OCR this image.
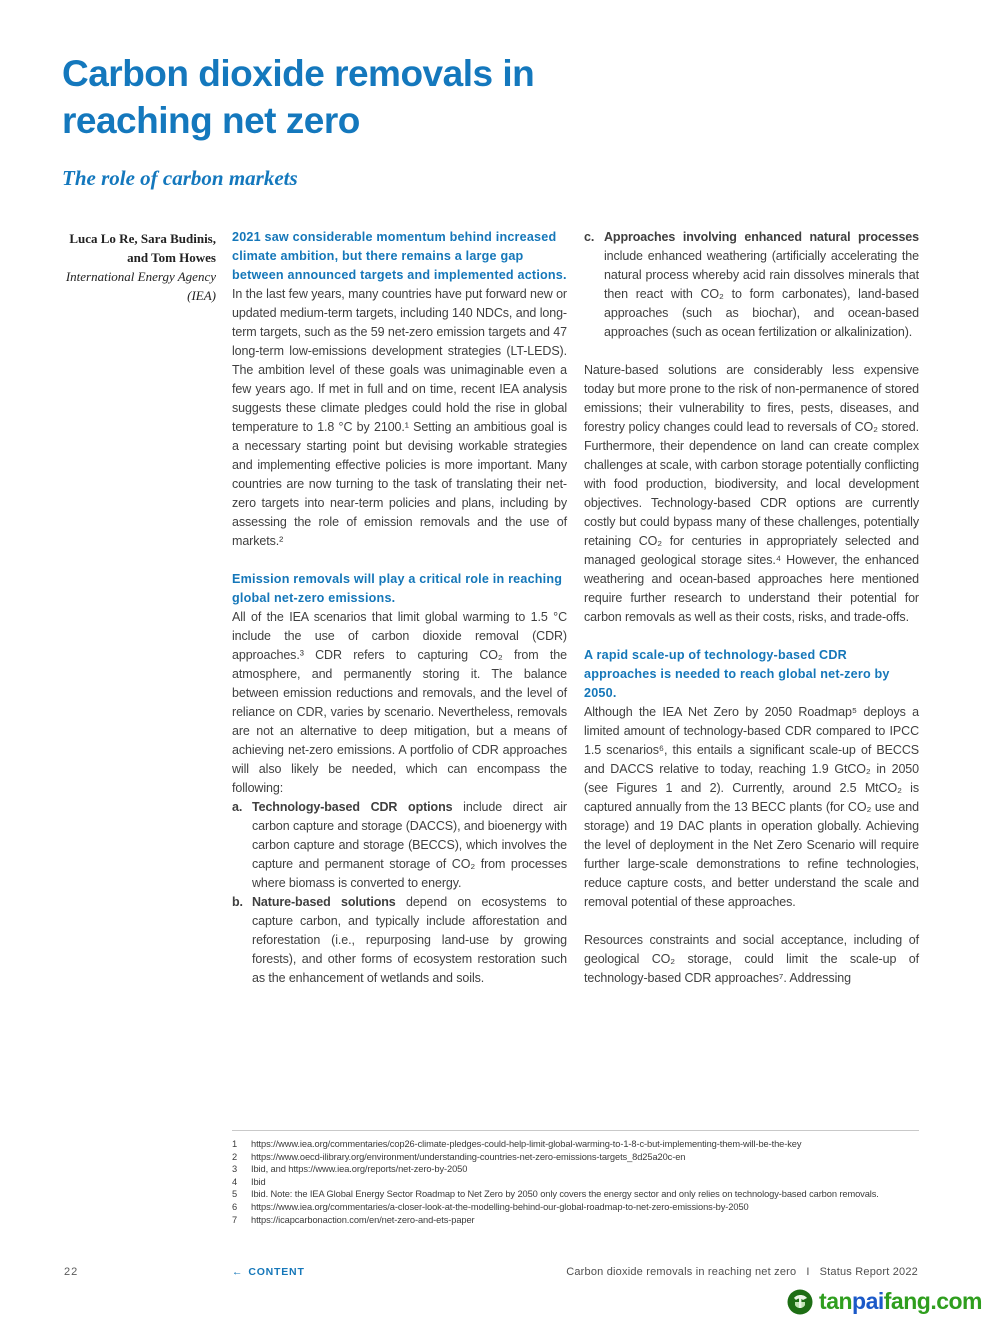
Carbon dioxide removals in
reaching net zero
The role of carbon markets
Luca Lo Re, Sara Budinis, and Tom Howes
International Energy Agency (IEA)
2021 saw considerable momentum behind increased climate ambition, but there remains a large gap between announced targets and implemented actions.

In the last few years, many countries have put forward new or updated medium-term targets, including 140 NDCs, and long-term targets, such as the 59 net-zero emission targets and 47 long-term low-emissions development strategies (LT-LEDS). The ambition level of these goals was unimaginable even a few years ago. If met in full and on time, recent IEA analysis suggests these climate pledges could hold the rise in global temperature to 1.8 °C by 2100.¹ Setting an ambitious goal is a necessary starting point but devising workable strategies and implementing effective policies is more important. Many countries are now turning to the task of translating their net-zero targets into near-term policies and plans, including by assessing the role of emission removals and the use of markets.²

Emission removals will play a critical role in reaching global net-zero emissions.

All of the IEA scenarios that limit global warming to 1.5 °C include the use of carbon dioxide removal (CDR) approaches.³ CDR refers to capturing CO₂ from the atmosphere, and permanently storing it. The balance between emission reductions and removals, and the level of reliance on CDR, varies by scenario. Nevertheless, removals are not an alternative to deep mitigation, but a means of achieving net-zero emissions. A portfolio of CDR approaches will also likely be needed, which can encompass the following:

a. Technology-based CDR options include direct air carbon capture and storage (DACCS), and bioenergy with carbon capture and storage (BECCS), which involves the capture and permanent storage of CO₂ from processes where biomass is converted to energy.
b. Nature-based solutions depend on ecosystems to capture carbon, and typically include afforestation and reforestation (i.e., repurposing land-use by growing forests), and other forms of ecosystem restoration such as the enhancement of wetlands and soils.
c. Approaches involving enhanced natural processes include enhanced weathering (artificially accelerating the natural process whereby acid rain dissolves minerals that then react with CO₂ to form carbonates), land-based approaches (such as biochar), and ocean-based approaches (such as ocean fertilization or alkalinization).

Nature-based solutions are considerably less expensive today but more prone to the risk of non-permanence of stored emissions; their vulnerability to fires, pests, diseases, and forestry policy changes could lead to reversals of CO₂ stored. Furthermore, their dependence on land can create complex challenges at scale, with carbon storage potentially conflicting with food production, biodiversity, and local development objectives. Technology-based CDR options are currently costly but could bypass many of these challenges, potentially retaining CO₂ for centuries in appropriately selected and managed geological storage sites.⁴ However, the enhanced weathering and ocean-based approaches here mentioned require further research to understand their potential for carbon removals as well as their costs, risks, and trade-offs.

A rapid scale-up of technology-based CDR approaches is needed to reach global net-zero by 2050.

Although the IEA Net Zero by 2050 Roadmap⁵ deploys a limited amount of technology-based CDR compared to IPCC 1.5 scenarios⁶, this entails a significant scale-up of BECCS and DACCS relative to today, reaching 1.9 GtCO₂ in 2050 (see Figures 1 and 2). Currently, around 2.5 MtCO₂ is captured annually from the 13 BECC plants (for CO₂ use and storage) and 19 DAC plants in operation globally. Achieving the level of deployment in the Net Zero Scenario will require further large-scale demonstrations to refine technologies, reduce capture costs, and better understand the scale and removal potential of these approaches.

Resources constraints and social acceptance, including of geological CO₂ storage, could limit the scale-up of technology-based CDR approaches⁷. Addressing

1	https://www.iea.org/commentaries/cop26-climate-pledges-could-help-limit-global-warming-to-1-8-c-but-implementing-them-will-be-the-key
2	https://www.oecd-ilibrary.org/environment/understanding-countries-net-zero-emissions-targets_8d25a20c-en
3	Ibid, and https://www.iea.org/reports/net-zero-by-2050
4	Ibid
5	Ibid. Note: the IEA Global Energy Sector Roadmap to Net Zero by 2050 only covers the energy sector and only relies on technology-based carbon removals.
6	https://www.iea.org/commentaries/a-closer-look-at-the-modelling-behind-our-global-roadmap-to-net-zero-emissions-by-2050
7	https://icapcarbonaction.com/en/net-zero-and-ets-paper
22	← CONTENT	Carbon dioxide removals in reaching net zero I Status Report 2022
tanpaifang.com
